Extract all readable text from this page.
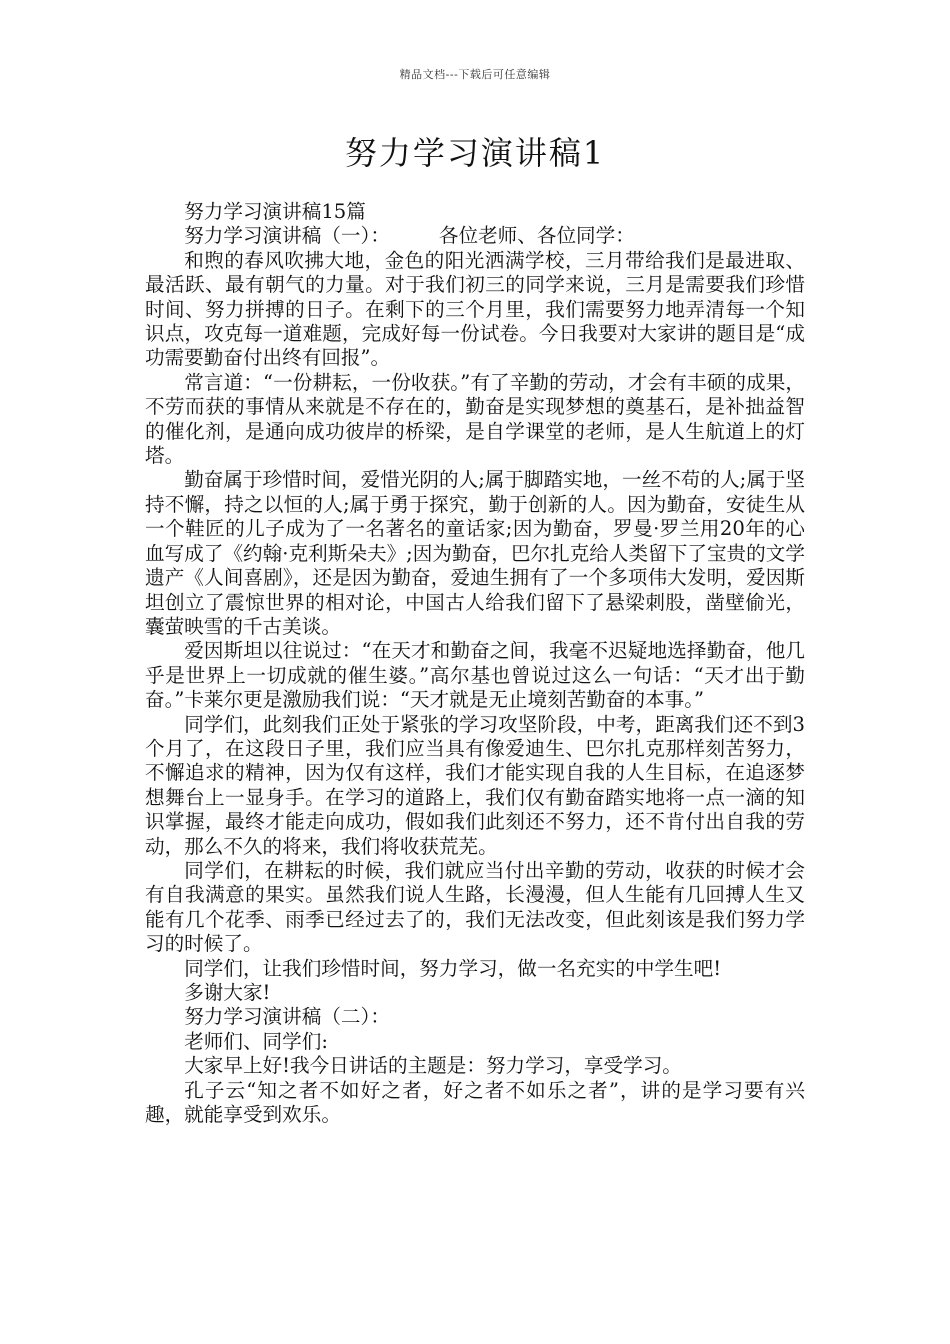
精品文档---下载后可任意编辑
努力学习演讲稿1

努力学习演讲稿15篇

努力学习演讲稿（一）：　　　各位老师、各位同学：

和煦的春风吹拂大地，金色的阳光洒满学校，三月带给我们是最进取、最活跃、最有朝气的力量。对于我们初三的同学来说，三月是需要我们珍惜时间、努力拼搏的日子。在剩下的三个月里，我们需要努力地弄清每一个知识点，攻克每一道难题，完成好每一份试卷。今日我要对大家讲的题目是“成功需要勤奋付出终有回报”。

常言道：“一份耕耘，一份收获。”有了辛勤的劳动，才会有丰硕的成果，不劳而获的事情从来就是不存在的，勤奋是实现梦想的奠基石，是补拙益智的催化剂，是通向成功彼岸的桥梁，是自学课堂的老师，是人生航道上的灯塔。

勤奋属于珍惜时间，爱惜光阴的人;属于脚踏实地，一丝不苟的人;属于坚持不懈，持之以恒的人;属于勇于探究，勤于创新的人。因为勤奋，安徒生从一个鞋匠的儿子成为了一名著名的童话家;因为勤奋，罗曼·罗兰用20年的心血写成了《约翰·克利斯朵夫》;因为勤奋，巴尔扎克给人类留下了宝贵的文学遗产《人间喜剧》，还是因为勤奋，爱迪生拥有了一个多项伟大发明，爱因斯坦创立了震惊世界的相对论，中国古人给我们留下了悬梁刺股，凿壁偷光，囊萤映雪的千古美谈。

爱因斯坦以往说过：“在天才和勤奋之间，我毫不迟疑地选择勤奋，他几乎是世界上一切成就的催生婆。”高尔基也曾说过这么一句话：“天才出于勤奋。”卡莱尔更是激励我们说：“天才就是无止境刻苦勤奋的本事。”

同学们，此刻我们正处于紧张的学习攻坚阶段，中考，距离我们还不到3个月了，在这段日子里，我们应当具有像爱迪生、巴尔扎克那样刻苦努力，不懈追求的精神，因为仅有这样，我们才能实现自我的人生目标，在追逐梦想舞台上一显身手。在学习的道路上，我们仅有勤奋踏实地将一点一滴的知识掌握，最终才能走向成功，假如我们此刻还不努力，还不肯付出自我的劳动，那么不久的将来，我们将收获荒芜。

同学们，在耕耘的时候，我们就应当付出辛勤的劳动，收获的时候才会有自我满意的果实。虽然我们说人生路，长漫漫，但人生能有几回搏人生又能有几个花季、雨季已经过去了的，我们无法改变，但此刻该是我们努力学习的时候了。

同学们，让我们珍惜时间，努力学习，做一名充实的中学生吧!

多谢大家!

努力学习演讲稿（二）：

老师们、同学们:

大家早上好!我今日讲话的主题是：努力学习，享受学习。

孔子云“知之者不如好之者，好之者不如乐之者”，讲的是学习要有兴趣，就能享受到欢乐。
